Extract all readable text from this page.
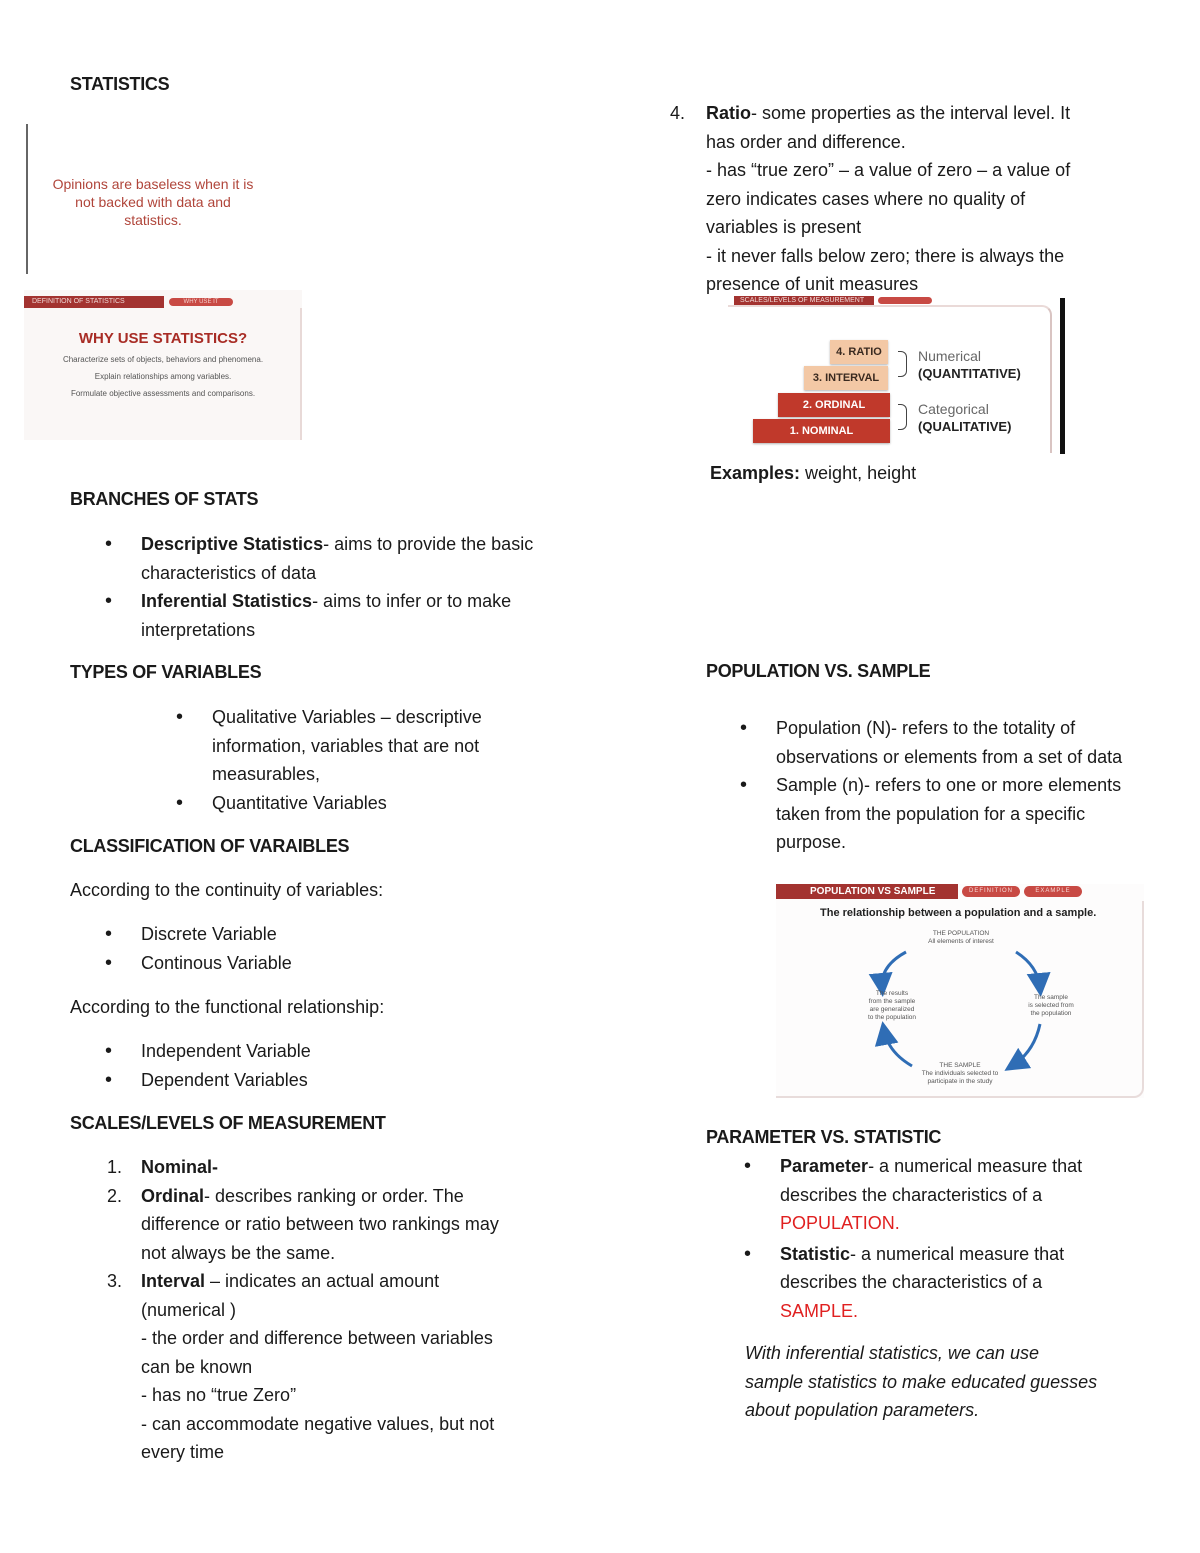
STATISTICS
Opinions are baseless when it is
not backed with data and
statistics.
DEFINITION OF STATISTICS	WHY USE IT
WHY USE STATISTICS?
Characterize sets of objects, behaviors and phenomena.
Explain relationships among variables.
Formulate objective assessments and comparisons.
BRANCHES OF STATS
• Descriptive Statistics- aims to provide the basic characteristics of data
• Inferential Statistics- aims to infer or to make interpretations
TYPES OF VARIABLES
• Qualitative Variables – descriptive information, variables that are not measurables,
• Quantitative Variables
CLASSIFICATION OF VARAIBLES
According to the continuity of variables:
• Discrete Variable
• Continous Variable
According to the functional relationship:
• Independent Variable
• Dependent Variables
SCALES/LEVELS OF MEASUREMENT
1. Nominal-
2. Ordinal- describes ranking or order. The
difference or ratio between two rankings may
not always be the same.
3. Interval – indicates an actual amount
(numerical )
- the order and difference between variables
can be known
- has no “true Zero”
- can accommodate negative values, but not
every time
4. Ratio- some properties as the interval level. It
has order and difference.
- has “true zero” – a value of zero – a value of
zero indicates cases where no quality of
variables is present
- it never falls below zero; there is always the
presence of unit measures
SCALES/LEVELS OF MEASUREMENT
4. RATIO
3. INTERVAL
2. ORDINAL
1. NOMINAL
Numerical
(QUANTITATIVE)
Categorical
(QUALITATIVE)
Examples: weight, height
POPULATION VS. SAMPLE
• Population (N)- refers to the totality of observations or elements from a set of data
• Sample (n)- refers to one or more elements taken from the population for a specific purpose.
POPULATION VS SAMPLE	DEFINITION	EXAMPLE
The relationship between a population and a sample.
THE POPULATION
All elements of interest
The sample
is selected from
the population
THE SAMPLE
The individuals selected to
participate in the study
The results
from the sample
are generalized
to the population
PARAMETER VS. STATISTIC
• Parameter- a numerical measure that describes the characteristics of a
POPULATION.
• Statistic- a numerical measure that describes the characteristics of a
SAMPLE.
With inferential statistics, we can use
sample statistics to make educated guesses
about population parameters.
